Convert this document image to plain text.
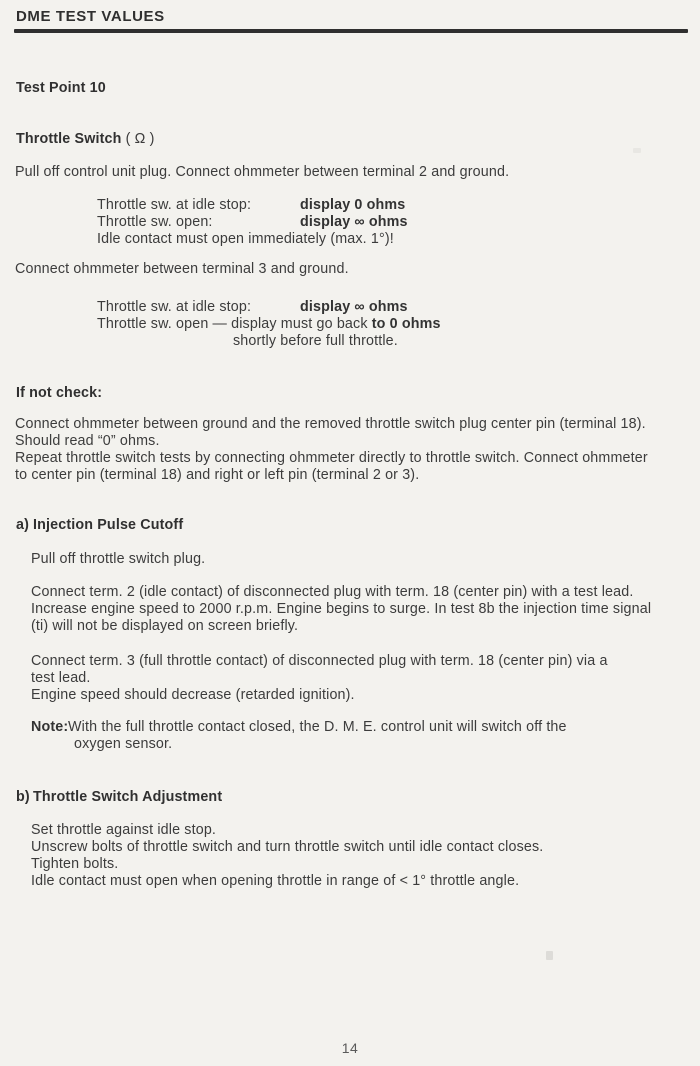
DME TEST VALUES
Test Point 10
Throttle Switch ( Ω )
Pull off control unit plug. Connect ohmmeter between terminal 2 and ground.
Throttle sw. at idle stop:	display 0 ohms
Throttle sw. open:	display ∞ ohms
Idle contact must open immediately (max. 1°)!
Connect ohmmeter between terminal 3 and ground.
Throttle sw. at idle stop:	display ∞ ohms
Throttle sw. open — display must go back to 0 ohms
shortly before full throttle.
If not check:
Connect ohmmeter between ground and the removed throttle switch plug center pin (terminal 18).
Should read “0” ohms.
Repeat throttle switch tests by connecting ohmmeter directly to throttle switch. Connect ohmmeter
to center pin (terminal 18) and right or left pin (terminal 2 or 3).
a) Injection Pulse Cutoff
Pull off throttle switch plug.
Connect term. 2 (idle contact) of disconnected plug with term. 18 (center pin) with a test lead.
Increase engine speed to 2000 r.p.m. Engine begins to surge. In test 8b the injection time signal
(ti) will not be displayed on screen briefly.
Connect term. 3 (full throttle contact) of disconnected plug with term. 18 (center pin) via a
test lead.
Engine speed should decrease (retarded ignition).
Note: With the full throttle contact closed, the D. M. E. control unit will switch off the
oxygen sensor.
b) Throttle Switch Adjustment
Set throttle against idle stop.
Unscrew bolts of throttle switch and turn throttle switch until idle contact closes.
Tighten bolts.
Idle contact must open when opening throttle in range of < 1° throttle angle.
14
